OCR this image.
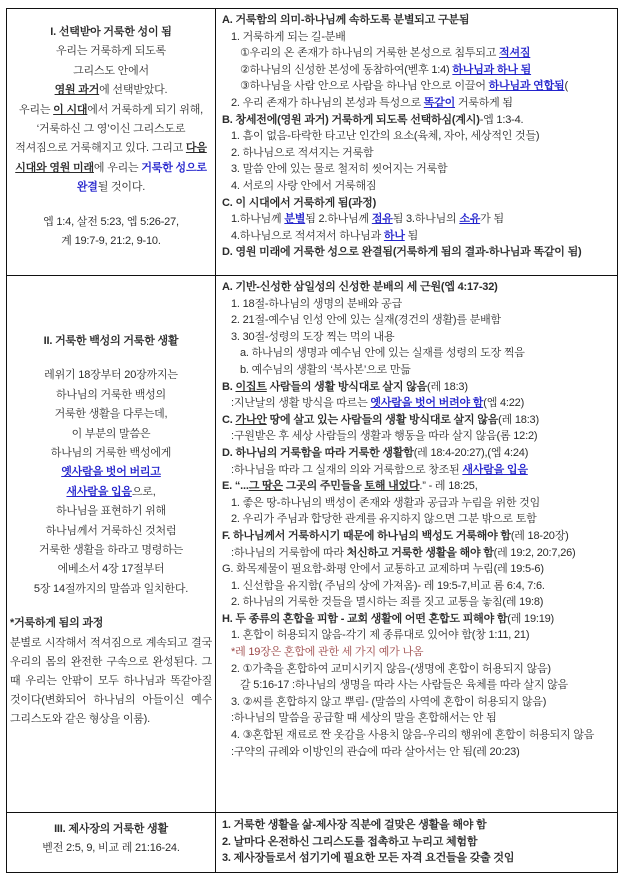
I. 선택받아 거룩한 성이 됨
우리는 거룩하게 되도록
그리스도 안에서
영원 과거에 선택받았다.
우리는 이 시대에서 거룩하게 되기 위해,
‘거룩하신 그 영’이신 그리스도로
적셔짐으로 거룩해지고 있다. 그리고 다음
시대와 영원 미래에 우리는 거룩한 성으로
완결될 것이다.
엡 1:4, 살전 5:23, 엡 5:26-27,
계 19:7-9, 21:2, 9-10.

A. 거룩함의 의미-하나님께 속하도록 분별되고 구분됨
1. 거룩하게 되는 길-분배
①우리의 온 존재가 하나님의 거룩한 본성으로 침투되고 적셔짐
②하나님의 신성한 본성에 동참하여(벧후 1:4) 하나님과 하나 됨
③하나님을 사람 안으로 사람을 하나님 안으로 이끌어 하나님과 연합됨(
2. 우리 존재가 하나님의 본성과 특성으로 똑같이 거룩하게 됨
B. 창세전에(영원 과거) 거룩하게 되도록 선택하심(계시)-엡 1:3-4.
1. 흠이 없음-타락한 타고난 인간의 요소(육체, 자아, 세상적인 것들)
2. 하나님으로 적셔지는 거룩함
3. 말씀 안에 있는 물로 철저히 씻어지는 거룩함
4. 서로의 사랑 안에서 거룩해짐
C. 이 시대에서 거룩하게 됨(과정)
1.하나님께 분별됨 2.하나님께 점유됨 3.하나님의 소유가 됨
4.하나님으로 적셔져서 하나님과 하나 됨
D. 영원 미래에 거룩한 성으로 완결됨(거룩하게 됨의 결과-하나님과 똑같이 됨)

II. 거룩한 백성의 거룩한 생활
레위기 18장부터 20장까지는
하나님의 거룩한 백성의
거룩한 생활을 다루는데,
이 부분의 말씀은
하나님의 거룩한 백성에게
옛사람을 벗어 버리고
새사람을 입음으로,
하나님을 표현하기 위해
하나님께서 거룩하신 것처럼
거룩한 생활을 하라고 명령하는
에베소서 4장 17절부터
5장 14절까지의 말씀과 일치한다.
*거룩하게 됨의 과정
분별로 시작해서 적셔짐으로 계속되고 결국 우리의 몸의 완전한 구속으로 완성된다. 그 때 우리는 안팎이 모두 하나님과 똑같아질 것이다(변화되어 하나님의 아들이신 예수 그리스도와 같은 형상을 이룸).

A. 기반-신성한 삼일성의 신성한 분배의 세 근원(엡 4:17-32)
1. 18절-하나님의 생명의 분배와 공급
2. 21절-예수님 인성 안에 있는 실재(경건의 생활)를 분배함
3. 30절-성령의 도장 찍는 먹의 내용
a. 하나님의 생명과 예수님 안에 있는 실재를 성령의 도장 찍음
b. 예수님의 생활의 ‘복사본’으로 만듦
B. 이집트 사람들의 생활 방식대로 살지 않음(레 18:3)
:지난날의 생활 방식을 따르는 옛사람을 벗어 버려야 함(엡 4:22)
C. 가나안 땅에 살고 있는 사람들의 생활 방식대로 살지 않음(레 18:3)
:구원받은 후 세상 사람들의 생활과 행동을 따라 살지 않음(롬 12:2)
D. 하나님의 거룩함을 따라 거룩한 생활함(레 18:4-20:27),(엡 4:24)
:하나님을 따라 그 실재의 의와 거룩함으로 창조된 새사람을 입음
E. “...그 땅은 그곳의 주민들을 토해 내었다.” - 레 18:25,
1. 좋은 땅-하나님의 백성이 존재와 생활과 공급과 누림을 위한 것임
2. 우리가 주님과 합당한 관계를 유지하지 않으면 그분 밖으로 토함
F. 하나님께서 거룩하시기 때문에 하나님의 백성도 거룩해야 함(레 18-20장)
:하나님의 거룩함에 따라 처신하고 거룩한 생활을 해야 함(레 19:2, 20:7,26)
G. 화목제물이 필요함-화평 안에서 교통하고 교제하며 누림(레 19:5-6)
1. 신선함을 유지함( 주님의 상에 가져옴)- 레 19:5-7,비교 롬 6:4, 7:6.
2. 하나님의 거룩한 것들을 멸시하는 죄를 짓고 교통을 놓침(레 19:8)
H. 두 종류의 혼합을 피함 - 교회 생활에 어떤 혼합도 피해야 함(레 19:19)
1. 혼합이 허용되지 않음-각기 제 종류대로 있어야 함(창 1:11, 21)
*레 19장은 혼합에 관한 세 가지 예가 나옴
2. ①가축을 혼합하여 교미시키지 않음-(생명에 혼합이 허용되지 않음)
갈 5:16-17 :하나님의 생명을 따라 사는 사람들은 육체를 따라 살지 않음
3. ②씨를 혼합하지 않고 뿌림- (말씀의 사역에 혼합이 허용되지 않음)
:하나님의 말씀을 공급할 때 세상의 말을 혼합해서는 안 됨
4. ③혼합된 재료로 짠 옷감을 사용치 않음-우리의 행위에 혼합이 허용되지 않음
:구약의 규례와 이방인의 관습에 따라 살아서는 안 됨(레 20:23)

III. 제사장의 거룩한 생활
벧전 2:5, 9, 비교 레 21:16-24.

1. 거룩한 생활을 삶-제사장 직분에 걸맞은 생활을 해야 함
2. 날마다 온전하신 그리스도를 접촉하고 누리고 체험함
3. 제사장들로서 섬기기에 필요한 모든 자격 요건들을 갖출 것임
